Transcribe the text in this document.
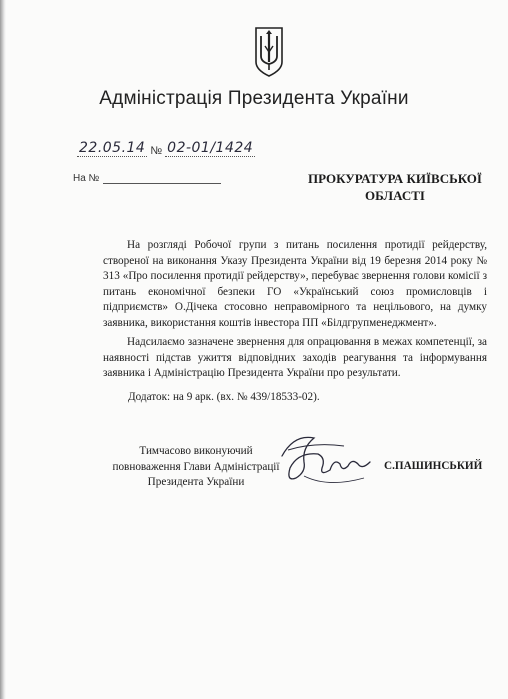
Адміністрація Президента України
22.05.14 № 02-01/1424
На №	ПРОКУРАТУРА КИЇВСЬКОЇ
ОБЛАСТІ

На розгляді Робочої групи з питань посилення протидії рейдерству, створеної на виконання Указу Президента України від 19 березня 2014 року № 313 «Про посилення протидії рейдерству», перебуває звернення голови комісії з питань економічної безпеки ГО «Український союз промисловців і підприємств» О.Дічека стосовно неправомірного та нецільового, на думку заявника, використання коштів інвестора ПП «Білдгрупменеджмент».

Надсилаємо зазначене звернення для опрацювання в межах компетенції, за наявності підстав ужиття відповідних заходів реагування та інформування заявника і Адміністрацію Президента України про результати.

Додаток: на 9 арк. (вх. № 439/18533-02).
Тимчасово виконуючий
повноваження Глави Адміністрації
Президента України
С.ПАШИНСЬКИЙ
